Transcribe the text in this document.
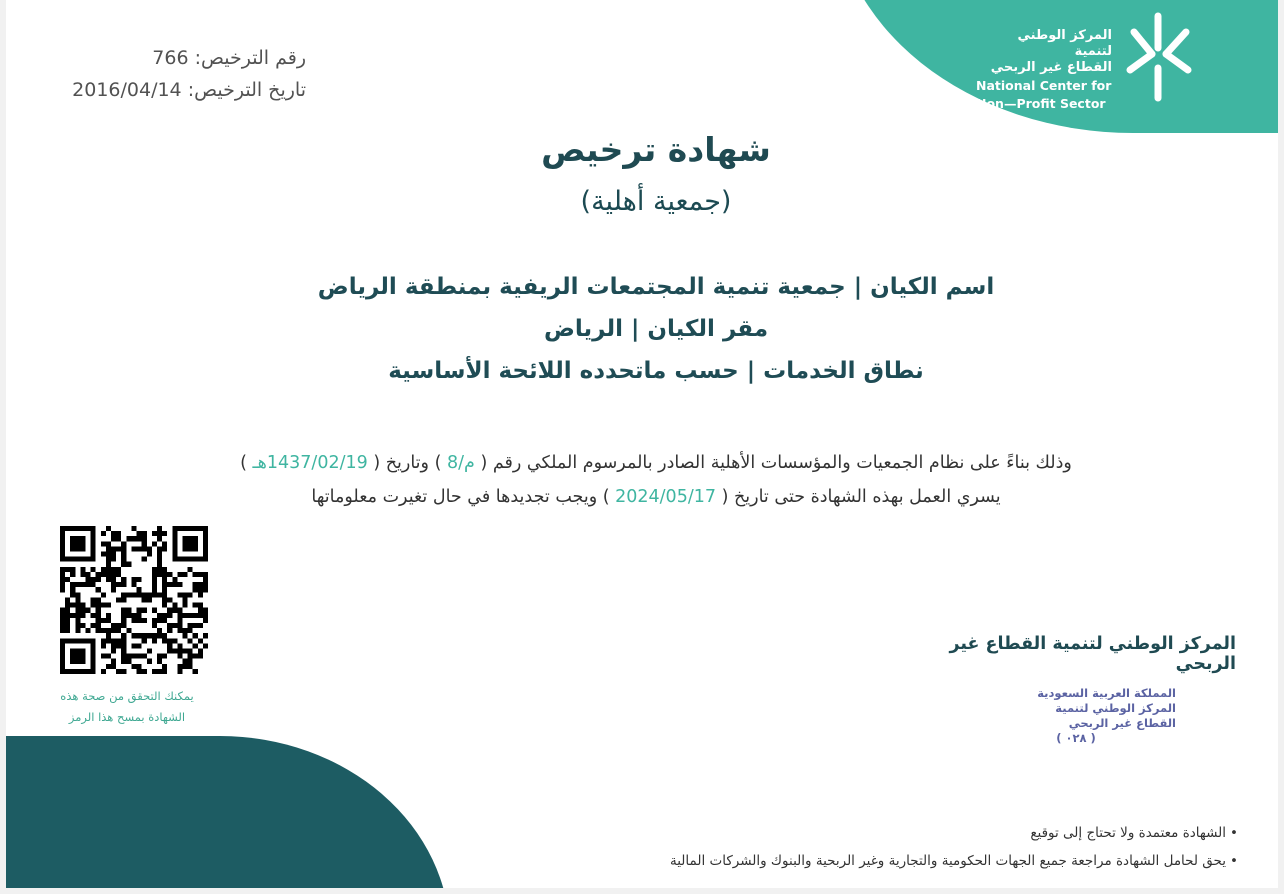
المركز الوطني لتنمية
القطاع غير الربحي
National Center for
Non—Profit Sector
رقم الترخيص: 766
تاريخ الترخيص: 2016/04/14
شهادة ترخيص
(جمعية أهلية)
اسم الكيان | جمعية تنمية المجتمعات الريفية بمنطقة الرياض
مقر الكيان | الرياض
نطاق الخدمات | حسب ماتحدده اللائحة الأساسية
وذلك بناءً على نظام الجمعيات والمؤسسات الأهلية الصادر بالمرسوم الملكي رقم ( م/8 ) وتاريخ ( 1437/02/19هـ )
يسري العمل بهذه الشهادة حتى تاريخ ( 2024/05/17 ) ويجب تجديدها في حال تغيرت معلوماتها
يمكنك التحقق من صحة هذه
الشهادة بمسح هذا الرمز
المركز الوطني لتنمية القطاع غير الربحي
المملكة العربية السعودية
المركز الوطني لتنمية
القطاع غير الربحي
( ٠٢٨ )
•الشهادة معتمدة ولا تحتاج إلى توقيع
•يحق لحامل الشهادة مراجعة جميع الجهات الحكومية والتجارية وغير الربحية والبنوك والشركات المالية
